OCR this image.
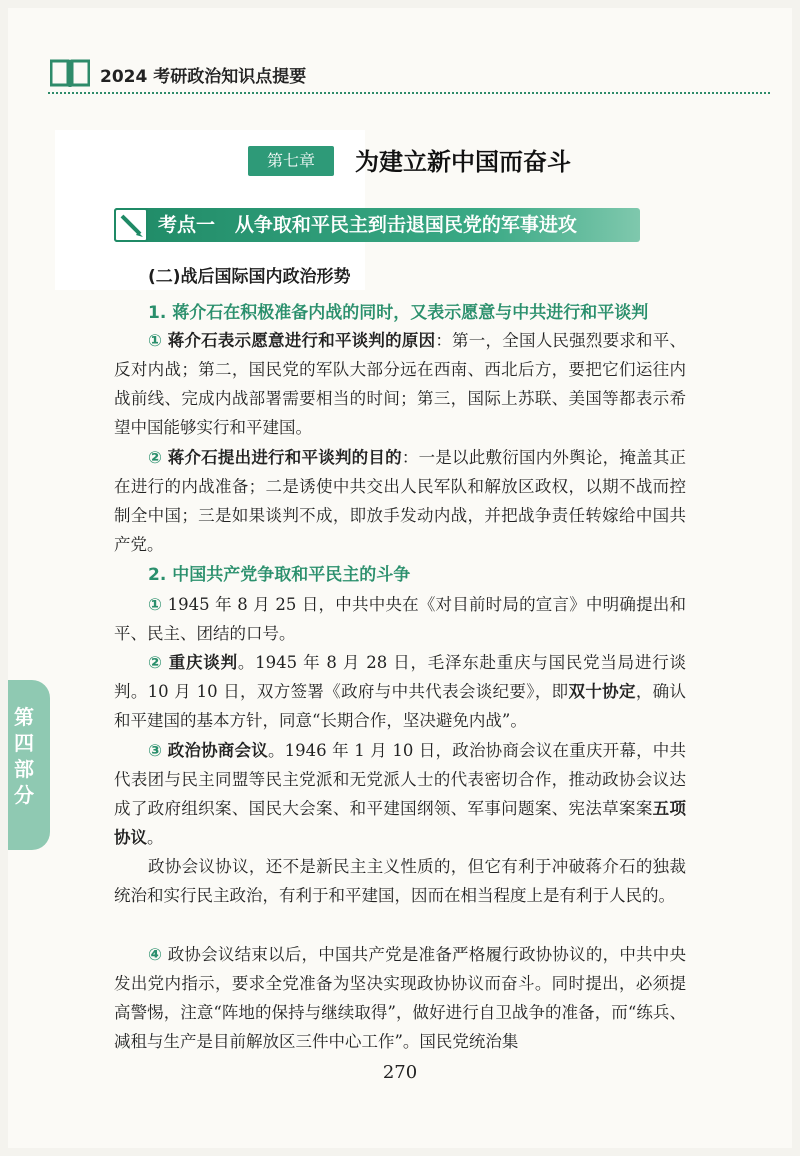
2024 考研政治知识点提要
第七章	为建立新中国而奋斗
考点一 从争取和平民主到击退国民党的军事进攻
(二)战后国际国内政治形势
1. 蒋介石在积极准备内战的同时，又表示愿意与中共进行和平谈判
① 蒋介石表示愿意进行和平谈判的原因：第一，全国人民强烈要求和平、反对内战；第二，国民党的军队大部分远在西南、西北后方，要把它们运往内战前线、完成内战部署需要相当的时间；第三，国际上苏联、美国等都表示希望中国能够实行和平建国。
② 蒋介石提出进行和平谈判的目的：一是以此敷衍国内外舆论，掩盖其正在进行的内战准备；二是诱使中共交出人民军队和解放区政权，以期不战而控制全中国；三是如果谈判不成，即放手发动内战，并把战争责任转嫁给中国共产党。
2. 中国共产党争取和平民主的斗争
① 1945 年 8 月 25 日，中共中央在《对目前时局的宣言》中明确提出和平、民主、团结的口号。
② 重庆谈判。1945 年 8 月 28 日，毛泽东赴重庆与国民党当局进行谈判。10 月 10 日，双方签署《政府与中共代表会谈纪要》，即双十协定，确认和平建国的基本方针，同意“长期合作，坚决避免内战”。
③ 政治协商会议。1946 年 1 月 10 日，政治协商会议在重庆开幕，中共代表团与民主同盟等民主党派和无党派人士的代表密切合作，推动政协会议达成了政府组织案、国民大会案、和平建国纲领、军事问题案、宪法草案案五项协议。
政协会议协议，还不是新民主主义性质的，但它有利于冲破蒋介石的独裁统治和实行民主政治，有利于和平建国，因而在相当程度上是有利于人民的。
④ 政协会议结束以后，中国共产党是准备严格履行政协协议的，中共中央发出党内指示，要求全党准备为坚决实现政协协议而奋斗。同时提出，必须提高警惕，注意“阵地的保持与继续取得”，做好进行自卫战争的准备，而“练兵、减租与生产是目前解放区三件中心工作”。国民党统治集
第四部分
270
